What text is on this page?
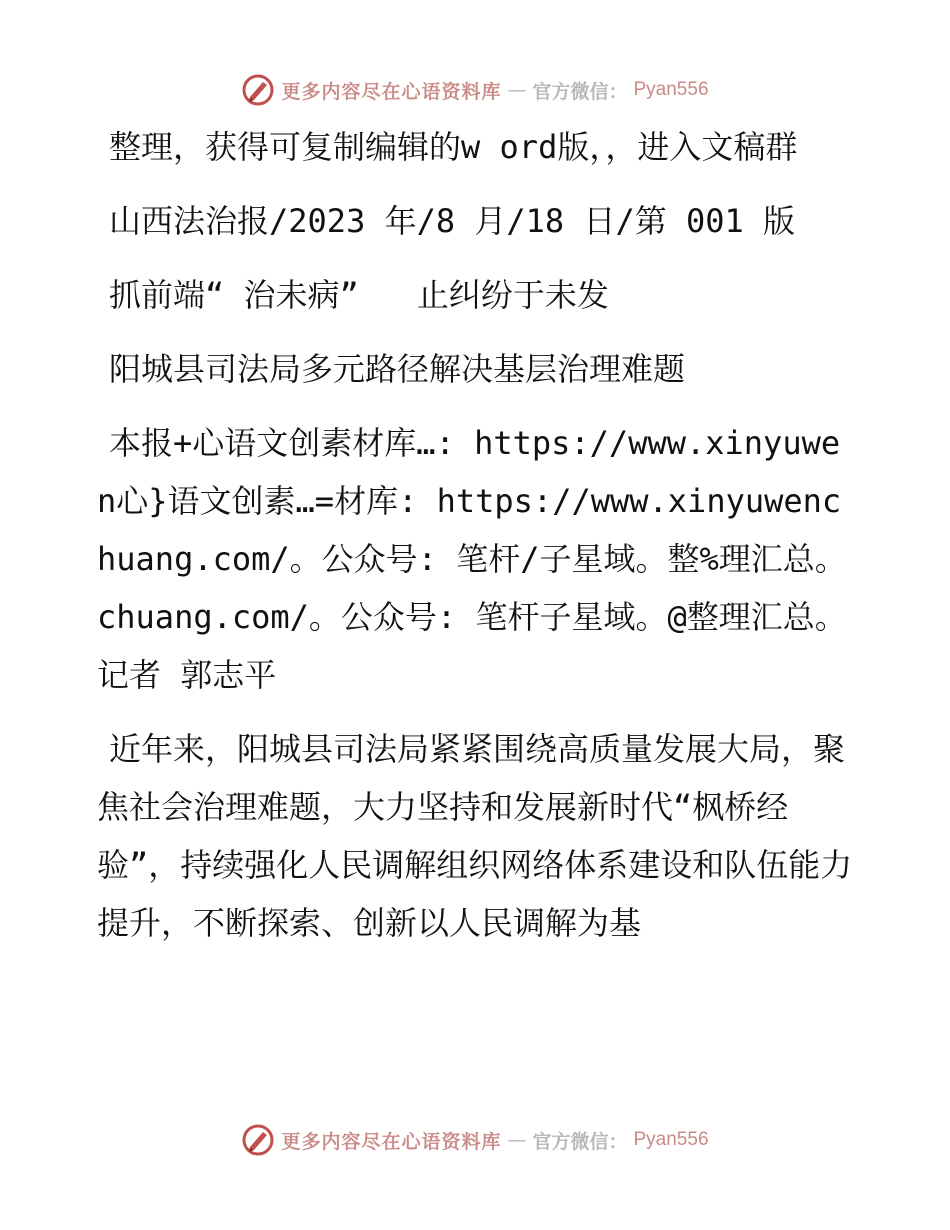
更多内容尽在心语资料库 — 官方微信： Pyan556

整理，获得可复制编辑的w ord版，，进入文稿群

山西法治报/2023 年/8 月/18 日/第 001 版

抓前端“ 治未病” 止纠纷于未发

阳城县司法局多元路径解决基层治理难题

本报+心语文创素材库…: https://www.xinyuwen心}语文创素…=材库: https://www.xinyuwenchuang.com/。公众号: 笔杆/子星域。整%理汇总。chuang.com/。公众号: 笔杆子星域。@整理汇总。记者 郭志平

近年来，阳城县司法局紧紧围绕高质量发展大局，聚焦社会治理难题，大力坚持和发展新时代“枫桥经验”，持续强化人民调解组织网络体系建设和队伍能力提升，不断探索、创新以人民调解为基

更多内容尽在心语资料库 — 官方微信： Pyan556
